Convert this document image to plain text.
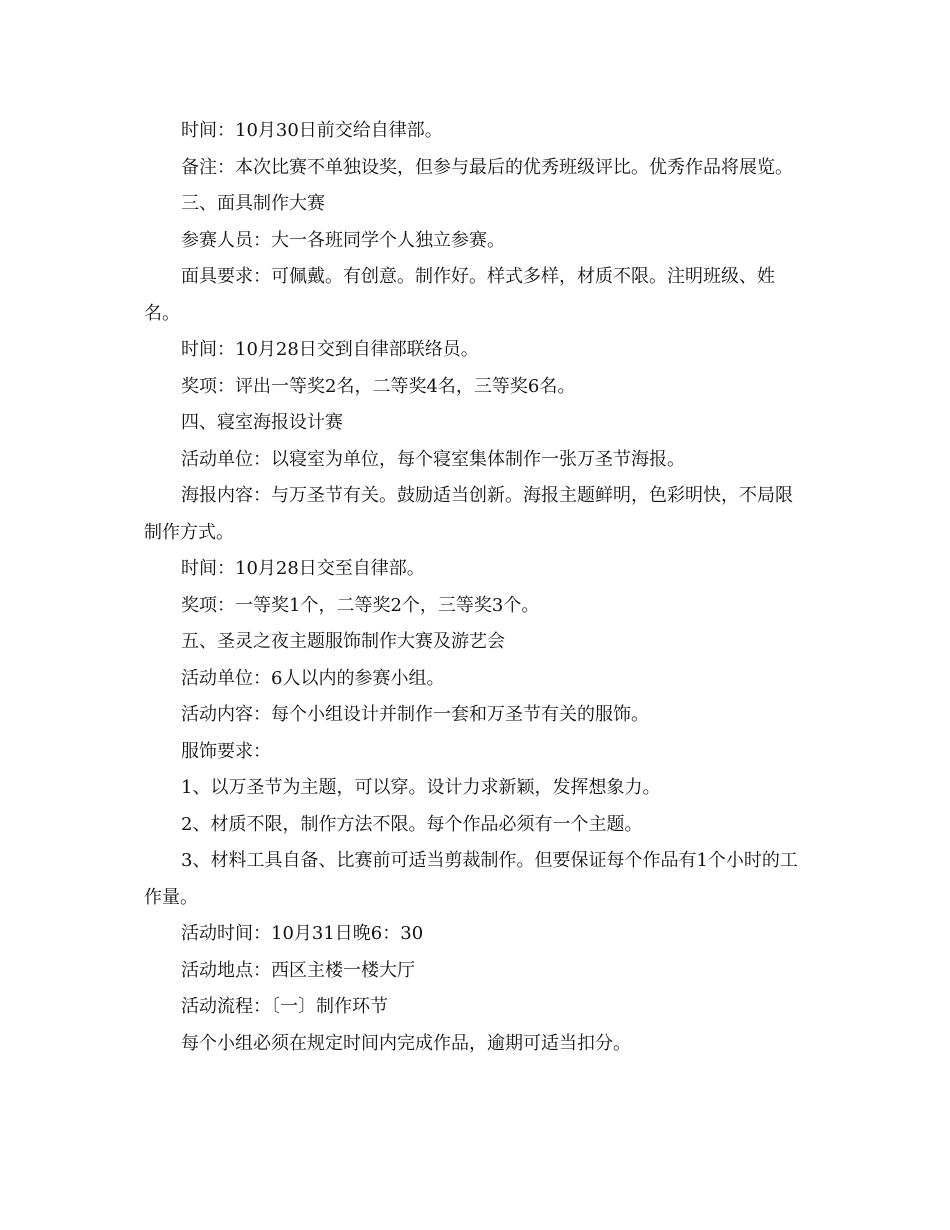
时间：10月30日前交给自律部。

备注：本次比赛不单独设奖，但参与最后的优秀班级评比。优秀作品将展览。

三、面具制作大赛

参赛人员：大一各班同学个人独立参赛。

面具要求：可佩戴。有创意。制作好。样式多样，材质不限。注明班级、姓名。

时间：10月28日交到自律部联络员。

奖项：评出一等奖2名，二等奖4名，三等奖6名。

四、寝室海报设计赛

活动单位：以寝室为单位，每个寝室集体制作一张万圣节海报。

海报内容：与万圣节有关。鼓励适当创新。海报主题鲜明，色彩明快，不局限制作方式。

时间：10月28日交至自律部。

奖项：一等奖1个，二等奖2个，三等奖3个。

五、圣灵之夜主题服饰制作大赛及游艺会

活动单位：6人以内的参赛小组。

活动内容：每个小组设计并制作一套和万圣节有关的服饰。

服饰要求：

1、以万圣节为主题，可以穿。设计力求新颖，发挥想象力。

2、材质不限，制作方法不限。每个作品必须有一个主题。

3、材料工具自备、比赛前可适当剪裁制作。但要保证每个作品有1个小时的工作量。

活动时间：10月31日晚6：30

活动地点：西区主楼一楼大厅

活动流程：〔一〕制作环节

每个小组必须在规定时间内完成作品，逾期可适当扣分。
